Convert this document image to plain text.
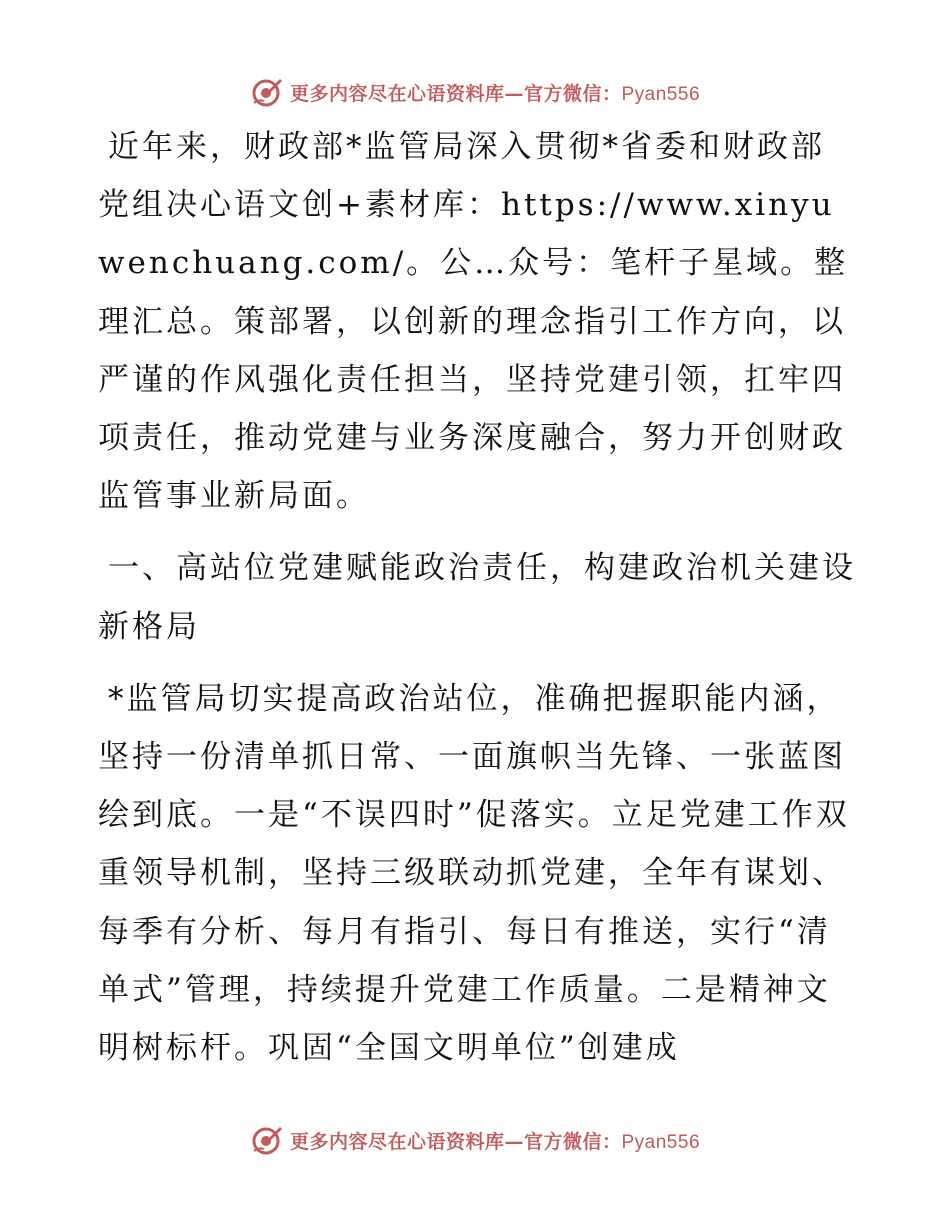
更多内容尽在心语资料库—官方微信：Pyan556

近年来，财政部*监管局深入贯彻*省委和财政部党组决心语文创+素材库：https://www.xinyuwenchuang.com/。公…众号：笔杆子星域。整理汇总。策部署，以创新的理念指引工作方向，以严谨的作风强化责任担当，坚持党建引领，扛牢四项责任，推动党建与业务深度融合，努力开创财政监管事业新局面。

一、高站位党建赋能政治责任，构建政治机关建设新格局

*监管局切实提高政治站位，准确把握职能内涵，坚持一份清单抓日常、一面旗帜当先锋、一张蓝图绘到底。一是“不误四时”促落实。立足党建工作双重领导机制，坚持三级联动抓党建，全年有谋划、每季有分析、每月有指引、每日有推送，实行“清单式”管理，持续提升党建工作质量。二是精神文明树标杆。巩固“全国文明单位”创建成

更多内容尽在心语资料库—官方微信：Pyan556
